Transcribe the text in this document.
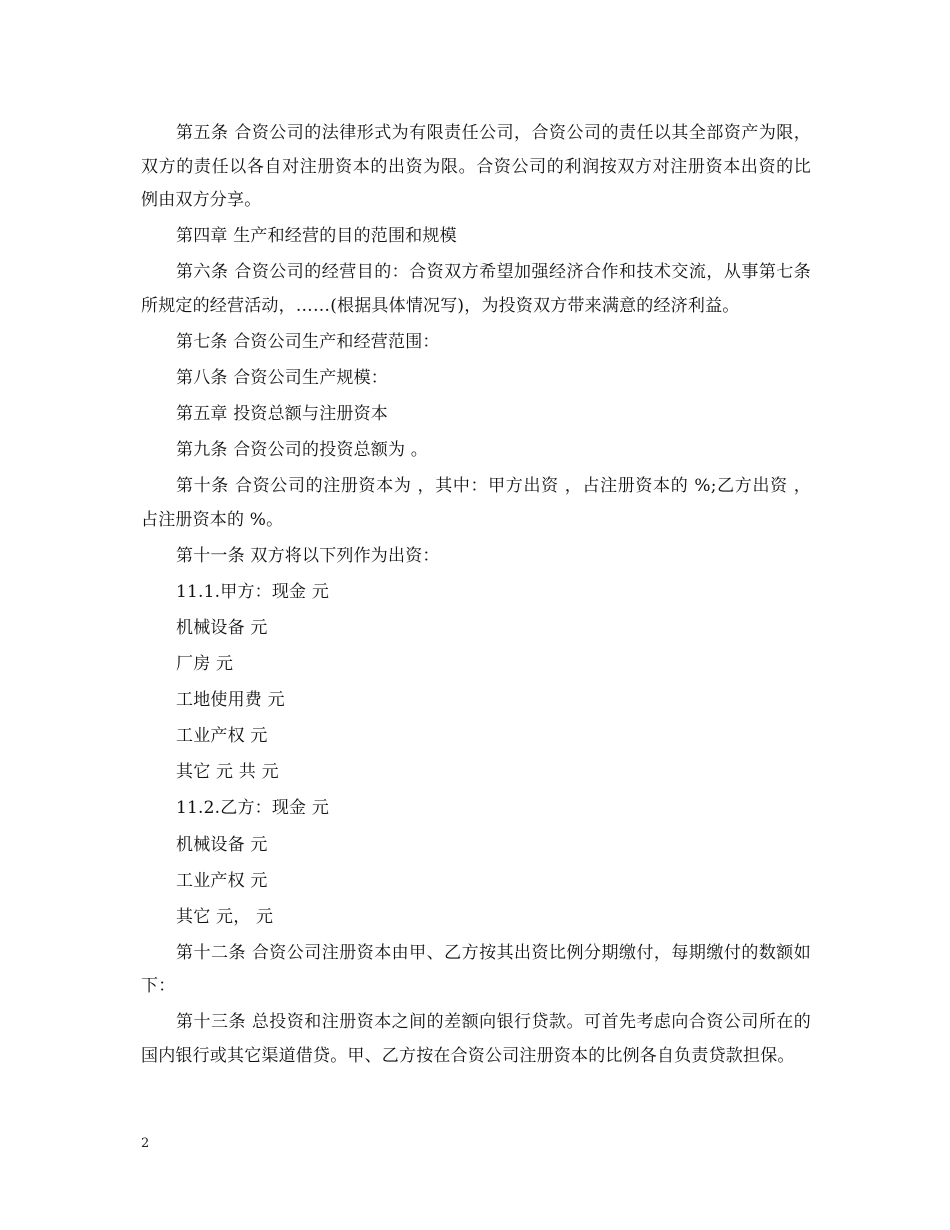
第五条 合资公司的法律形式为有限责任公司，合资公司的责任以其全部资产为限，双方的责任以各自对注册资本的出资为限。合资公司的利润按双方对注册资本出资的比例由双方分享。

第四章 生产和经营的目的范围和规模

第六条 合资公司的经营目的：合资双方希望加强经济合作和技术交流，从事第七条所规定的经营活动，……(根据具体情况写)，为投资双方带来满意的经济利益。

第七条 合资公司生产和经营范围：

第八条 合资公司生产规模：

第五章 投资总额与注册资本

第九条 合资公司的投资总额为 。

第十条 合资公司的注册资本为 ，其中：甲方出资 ，占注册资本的 %;乙方出资 ，占注册资本的 %。

第十一条 双方将以下列作为出资：

11.1.甲方：现金 元

机械设备 元

厂房 元

工地使用费 元

工业产权 元

其它 元 共 元

11.2.乙方：现金 元

机械设备 元

工业产权 元

其它 元， 元

第十二条 合资公司注册资本由甲、乙方按其出资比例分期缴付，每期缴付的数额如下：

第十三条 总投资和注册资本之间的差额向银行贷款。可首先考虑向合资公司所在的国内银行或其它渠道借贷。甲、乙方按在合资公司注册资本的比例各自负责贷款担保。

2
